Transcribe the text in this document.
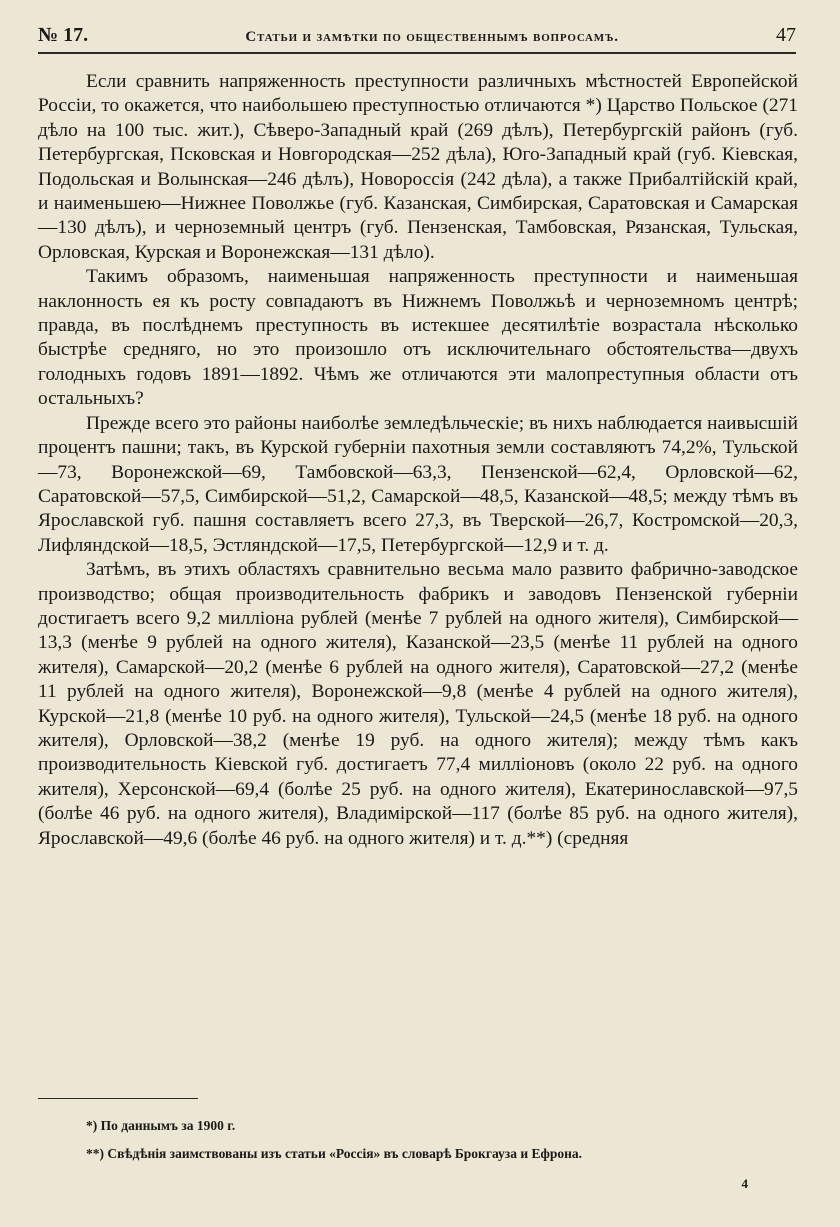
№ 17.	Статьи и замѣтки по общественнымъ вопросамъ.	47

Если сравнить напряженность преступности различныхъ мѣстностей Европейской Россіи, то окажется, что наибольшею преступностью отличаются *) Царство Польское (271 дѣло на 100 тыс. жит.), Сѣверо-Западный край (269 дѣлъ), Петербургскій районъ (губ. Петербургская, Псковская и Новгородская—252 дѣла), Юго-Западный край (губ. Кіевская, Подольская и Волынская—246 дѣлъ), Новороссія (242 дѣла), а также Прибалтійскій край, и наименьшею—Нижнее Поволжье (губ. Казанская, Симбирская, Саратовская и Самарская—130 дѣлъ), и черноземный центръ (губ. Пензенская, Тамбовская, Рязанская, Тульская, Орловская, Курская и Воронежская—131 дѣло).

Такимъ образомъ, наименьшая напряженность преступности и наименьшая наклонность ея къ росту совпадаютъ въ Нижнемъ Поволжьѣ и черноземномъ центрѣ; правда, въ послѣднемъ преступность въ истекшее десятилѣтіе возрастала нѣсколько быстрѣе средняго, но это произошло отъ исключительнаго обстоятельства—двухъ голодныхъ годовъ 1891—1892. Чѣмъ же отличаются эти малопреступныя области отъ остальныхъ?

Прежде всего это районы наиболѣе земледѣльческіе; въ нихъ наблюдается наивысшій процентъ пашни; такъ, въ Курской губерніи пахотныя земли составляютъ 74,2%, Тульской—73, Воронежской—69, Тамбовской—63,3, Пензенской—62,4, Орловской—62, Саратовской—57,5, Симбирской—51,2, Самарской—48,5, Казанской—48,5; между тѣмъ въ Ярославской губ. пашня составляетъ всего 27,3, въ Тверской—26,7, Костромской—20,3, Лифляндской—18,5, Эстляндской—17,5, Петербургской—12,9 и т. д.

Затѣмъ, въ этихъ областяхъ сравнительно весьма мало развито фабрично-заводское производство; общая производительность фабрикъ и заводовъ Пензенской губерніи достигаетъ всего 9,2 милліона рублей (менѣе 7 рублей на одного жителя), Симбирской—13,3 (менѣе 9 рублей на одного жителя), Казанской—23,5 (менѣе 11 рублей на одного жителя), Самарской—20,2 (менѣе 6 рублей на одного жителя), Саратовской—27,2 (менѣе 11 рублей на одного жителя), Воронежской—9,8 (менѣе 4 рублей на одного жителя), Курской—21,8 (менѣе 10 руб. на одного жителя), Тульской—24,5 (менѣе 18 руб. на одного жителя), Орловской—38,2 (менѣе 19 руб. на одного жителя); между тѣмъ какъ производительность Кіевской губ. достигаетъ 77,4 милліоновъ (около 22 руб. на одного жителя), Херсонской—69,4 (болѣе 25 руб. на одного жителя), Екатеринославской—97,5 (болѣе 46 руб. на одного жителя), Владимірской—117 (болѣе 85 руб. на одного жителя), Ярославской—49,6 (болѣе 46 руб. на одного жителя) и т. д.**) (средняя

*) По даннымъ за 1900 г.

**) Свѣдѣнія заимствованы изъ статьи «Россія» въ словарѣ Брокгауза и Ефрона.

4
